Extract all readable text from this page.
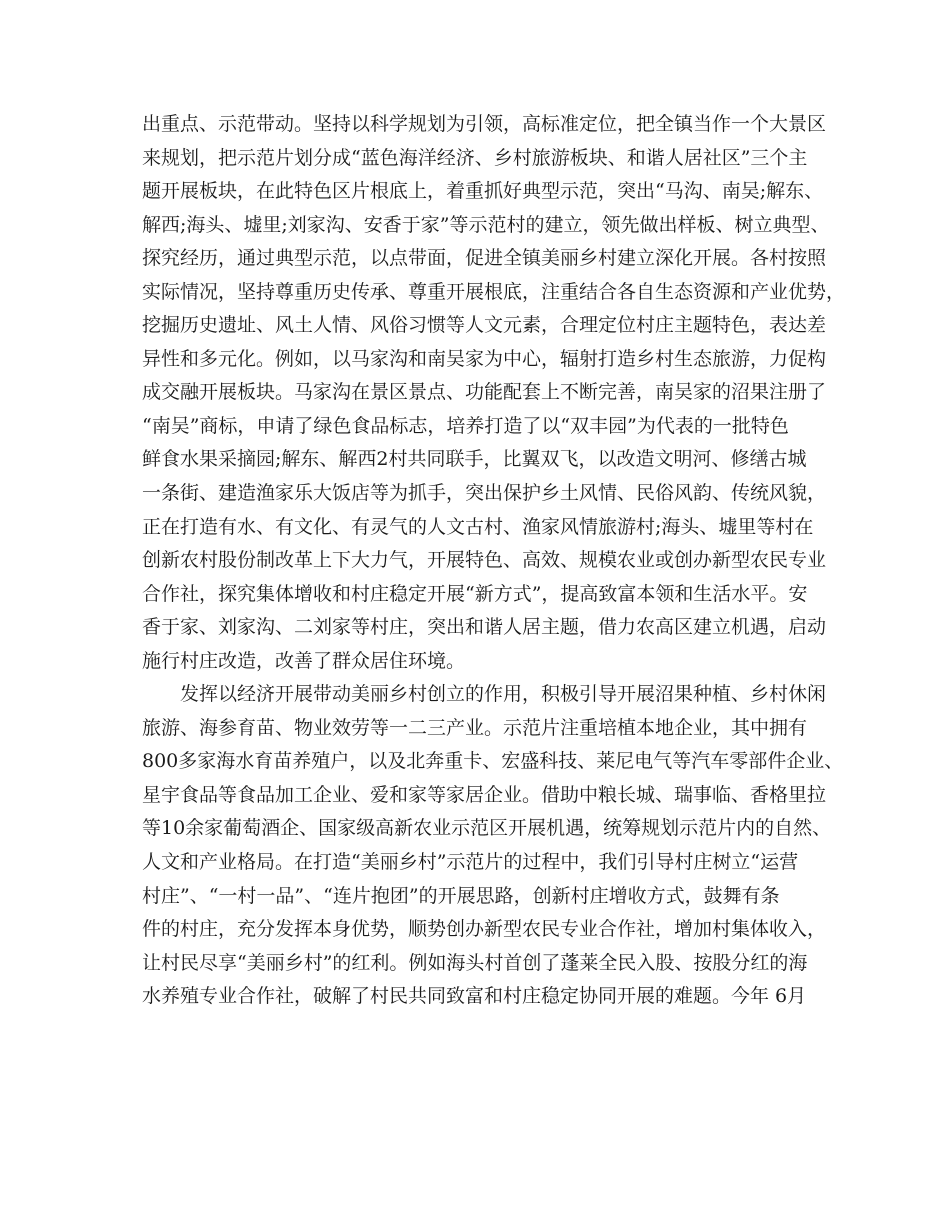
出重点、示范带动。坚持以科学规划为引领，高标准定位，把全镇当作一个大景区
来规划，把示范片划分成“蓝色海洋经济、乡村旅游板块、和谐人居社区”三个主
题开展板块，在此特色区片根底上，着重抓好典型示范，突出“马沟、南吴;解东、
解西;海头、墟里;刘家沟、安香于家”等示范村的建立，领先做出样板、树立典型、
探究经历，通过典型示范，以点带面，促进全镇美丽乡村建立深化开展。各村按照
实际情况，坚持尊重历史传承、尊重开展根底，注重结合各自生态资源和产业优势，
挖掘历史遗址、风土人情、风俗习惯等人文元素，合理定位村庄主题特色，表达差
异性和多元化。例如，以马家沟和南吴家为中心，辐射打造乡村生态旅游，力促构
成交融开展板块。马家沟在景区景点、功能配套上不断完善，南吴家的沼果注册了
“南吴”商标，申请了绿色食品标志，培养打造了以“双丰园”为代表的一批特色
鲜食水果采摘园;解东、解西2村共同联手，比翼双飞，以改造文明河、修缮古城
一条街、建造渔家乐大饭店等为抓手，突出保护乡土风情、民俗风韵、传统风貌，
正在打造有水、有文化、有灵气的人文古村、渔家风情旅游村;海头、墟里等村在
创新农村股份制改革上下大力气，开展特色、高效、规模农业或创办新型农民专业
合作社，探究集体增收和村庄稳定开展“新方式”，提高致富本领和生活水平。安
香于家、刘家沟、二刘家等村庄，突出和谐人居主题，借力农高区建立机遇，启动
施行村庄改造，改善了群众居住环境。
发挥以经济开展带动美丽乡村创立的作用，积极引导开展沼果种植、乡村休闲
旅游、海参育苗、物业效劳等一二三产业。示范片注重培植本地企业，其中拥有
800多家海水育苗养殖户，以及北奔重卡、宏盛科技、莱尼电气等汽车零部件企业、
星宇食品等食品加工企业、爱和家等家居企业。借助中粮长城、瑞事临、香格里拉
等10余家葡萄酒企、国家级高新农业示范区开展机遇，统筹规划示范片内的自然、
人文和产业格局。在打造“美丽乡村”示范片的过程中，我们引导村庄树立“运营
村庄”、“一村一品”、“连片抱团”的开展思路，创新村庄增收方式，鼓舞有条
件的村庄，充分发挥本身优势，顺势创办新型农民专业合作社，增加村集体收入，
让村民尽享“美丽乡村”的红利。例如海头村首创了蓬莱全民入股、按股分红的海
水养殖专业合作社，破解了村民共同致富和村庄稳定协同开展的难题。今年 6月
